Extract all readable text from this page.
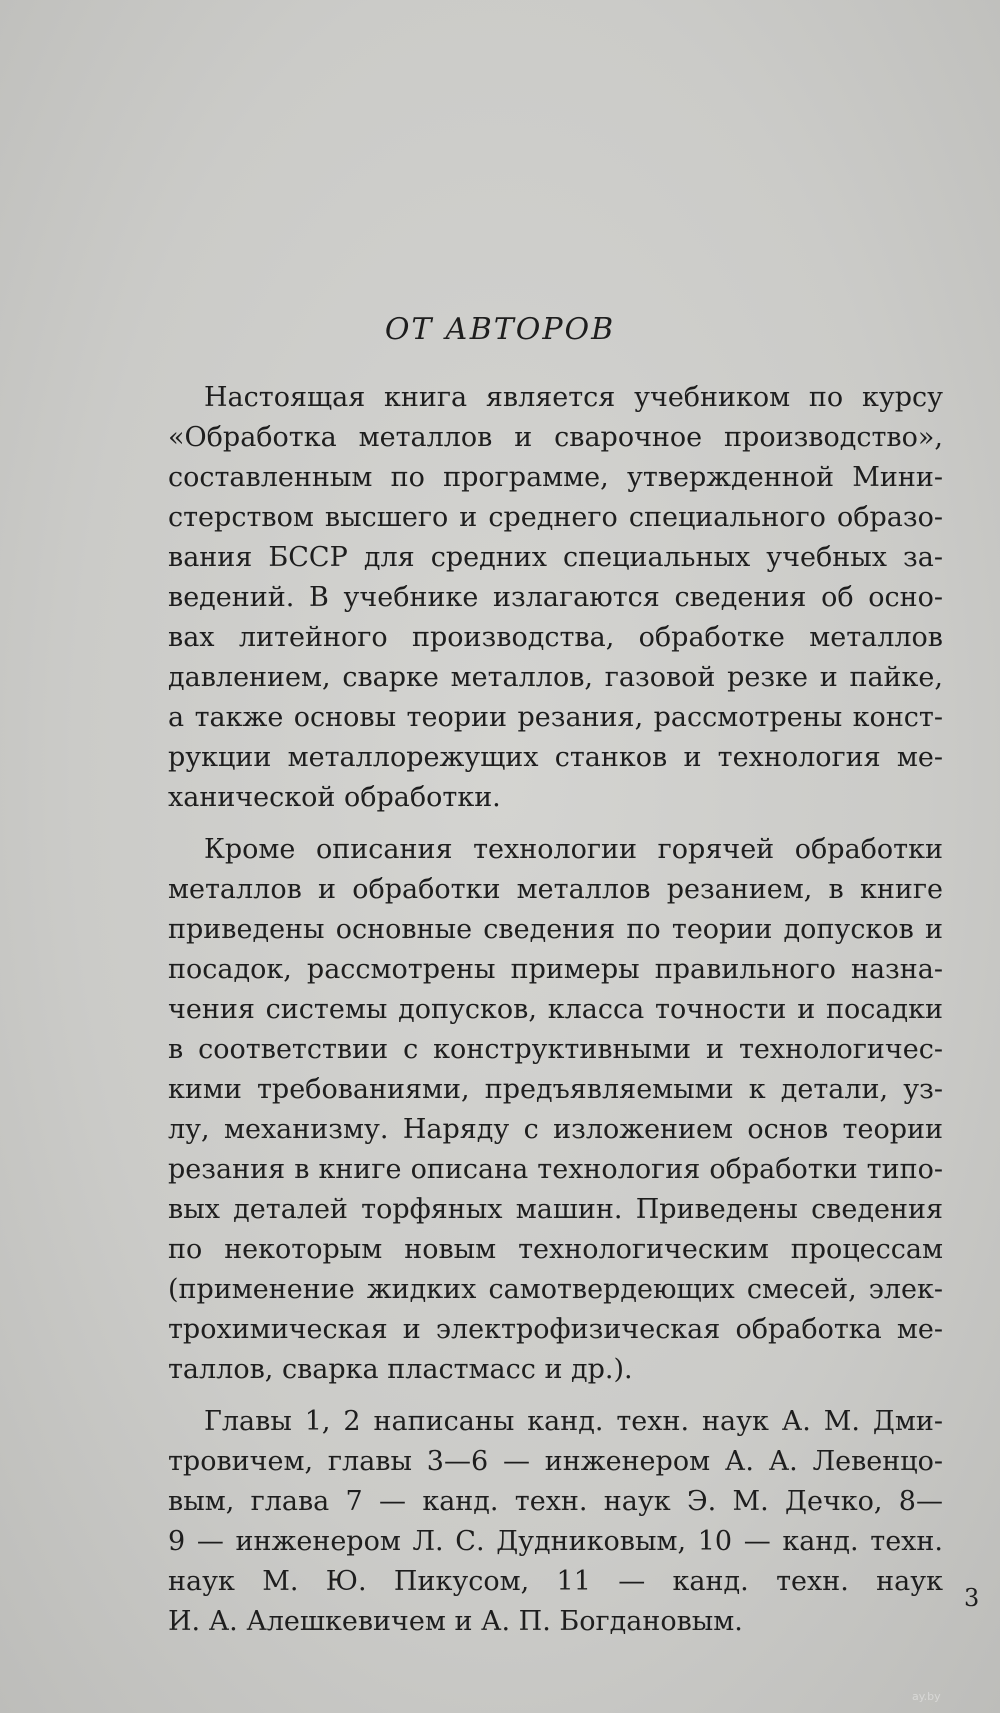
ОТ АВТОРОВ
Настоящая книга является учебником по курсу
«Обработка металлов и сварочное производство»,
составленным по программе, утвержденной Мини-
стерством высшего и среднего специального образо-
вания БССР для средних специальных учебных за-
ведений. В учебнике излагаются сведения об осно-
вах литейного производства, обработке металлов
давлением, сварке металлов, газовой резке и пайке,
а также основы теории резания, рассмотрены конст-
рукции металлорежущих станков и технология ме-
ханической обработки.
Кроме описания технологии горячей обработки
металлов и обработки металлов резанием, в книге
приведены основные сведения по теории допусков и
посадок, рассмотрены примеры правильного назна-
чения системы допусков, класса точности и посадки
в соответствии с конструктивными и технологичес-
кими требованиями, предъявляемыми к детали, уз-
лу, механизму. Наряду с изложением основ теории
резания в книге описана технология обработки типо-
вых деталей торфяных машин. Приведены сведения
по некоторым новым технологическим процессам
(применение жидких самотвердеющих смесей, элек-
трохимическая и электрофизическая обработка ме-
таллов, сварка пластмасс и др.).
Главы 1, 2 написаны канд. техн. наук А. М. Дми-
тровичем, главы 3—6 — инженером А. А. Левенцо-
вым, глава 7 — канд. техн. наук Э. М. Дечко, 8—
9 — инженером Л. С. Дудниковым, 10 — канд. техн.
наук М. Ю. Пикусом, 11 — канд. техн. наук
И. А. Алешкевичем и А. П. Богдановым.
3
ay.by
